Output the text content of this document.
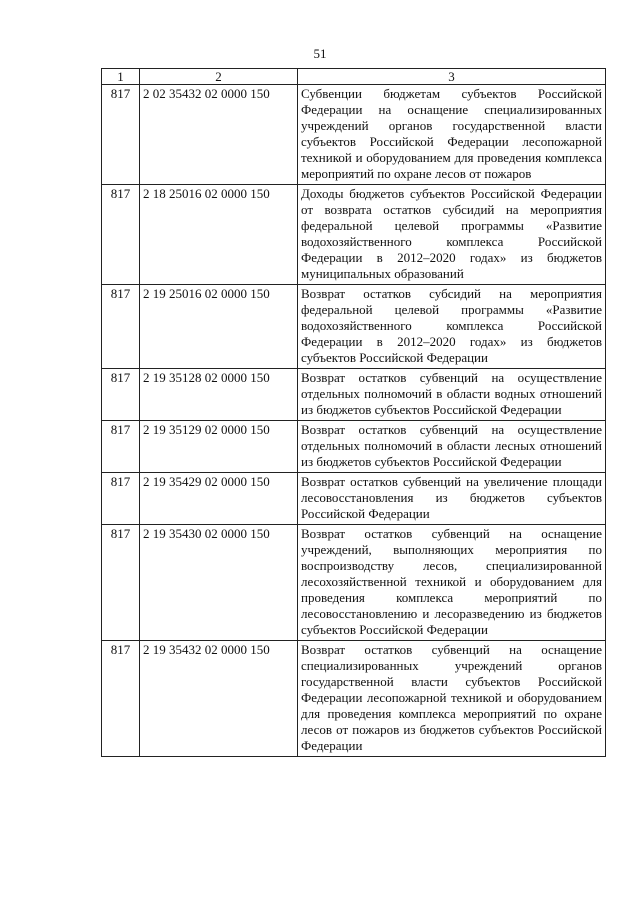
51
1	2	3
817	2 02 35432 02 0000 150	Субвенции бюджетам субъектов Российской Федерации на оснащение специализированных учреждений органов государственной власти субъектов Российской Федерации лесопожарной техникой и оборудованием для проведения комплекса мероприятий по охране лесов от пожаров
817	2 18 25016 02 0000 150	Доходы бюджетов субъектов Российской Федерации от возврата остатков субсидий на мероприятия федеральной целевой программы «Развитие водохозяйственного комплекса Российской Федерации в 2012–2020 годах» из бюджетов муниципальных образований
817	2 19 25016 02 0000 150	Возврат остатков субсидий на мероприятия федеральной целевой программы «Развитие водохозяйственного комплекса Российской Федерации в 2012–2020 годах» из бюджетов субъектов Российской Федерации
817	2 19 35128 02 0000 150	Возврат остатков субвенций на осуществление отдельных полномочий в области водных отношений из бюджетов субъектов Российской Федерации
817	2 19 35129 02 0000 150	Возврат остатков субвенций на осуществление отдельных полномочий в области лесных отношений из бюджетов субъектов Российской Федерации
817	2 19 35429 02 0000 150	Возврат остатков субвенций на увеличение площади лесовосстановления из бюджетов субъектов Российской Федерации
817	2 19 35430 02 0000 150	Возврат остатков субвенций на оснащение учреждений, выполняющих мероприятия по воспроизводству лесов, специализированной лесохозяйственной техникой и оборудованием для проведения комплекса мероприятий по лесовосстановлению и лесоразведению из бюджетов субъектов Российской Федерации
817	2 19 35432 02 0000 150	Возврат остатков субвенций на оснащение специализированных учреждений органов государственной власти субъектов Российской Федерации лесопожарной техникой и оборудованием для проведения комплекса мероприятий по охране лесов от пожаров из бюджетов субъектов Российской Федерации
